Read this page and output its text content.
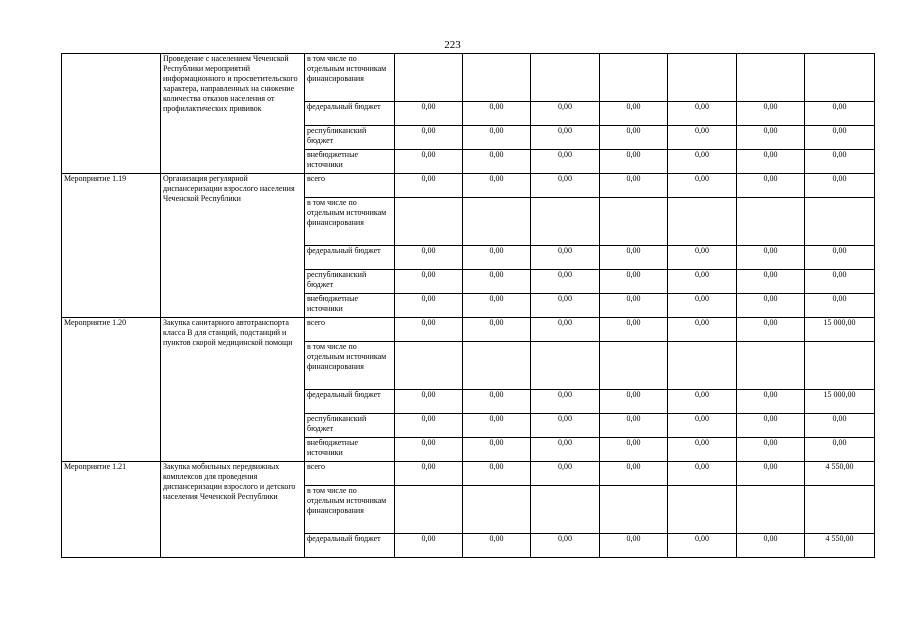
223
	Проведение с населением Чеченской Республики мероприятий информационного и просветительского характера, направленных на снижение количества отказов населения от профилактических прививок	в том числе по отдельным источникам финансирования							
		федеральный бюджет	0,00	0,00	0,00	0,00	0,00	0,00	0,00
		республиканский бюджет	0,00	0,00	0,00	0,00	0,00	0,00	0,00
		внебюджетные источники	0,00	0,00	0,00	0,00	0,00	0,00	0,00
Мероприятие 1.19	Организация регулярной диспансеризации взрослого населения Чеченской Республики	всего	0,00	0,00	0,00	0,00	0,00	0,00	0,00
		в том числе по отдельным источникам финансирования							
		федеральный бюджет	0,00	0,00	0,00	0,00	0,00	0,00	0,00
		республиканский бюджет	0,00	0,00	0,00	0,00	0,00	0,00	0,00
		внебюджетные источники	0,00	0,00	0,00	0,00	0,00	0,00	0,00
Мероприятие 1.20	Закупка санитарного автотранспорта класса В для станций, подстанций и пунктов скорой медицинской помощи	всего	0,00	0,00	0,00	0,00	0,00	0,00	15 000,00
		в том числе по отдельным источникам финансирования							
		федеральный бюджет	0,00	0,00	0,00	0,00	0,00	0,00	15 000,00
		республиканский бюджет	0,00	0,00	0,00	0,00	0,00	0,00	0,00
		внебюджетные источники	0,00	0,00	0,00	0,00	0,00	0,00	0,00
Мероприятие 1.21	Закупка мобильных передвижных комплексов для проведения диспансеризации взрослого и детского населения Чеченской Республики	всего	0,00	0,00	0,00	0,00	0,00	0,00	4 550,00
		в том числе по отдельным источникам финансирования							
		федеральный бюджет	0,00	0,00	0,00	0,00	0,00	0,00	4 550,00
